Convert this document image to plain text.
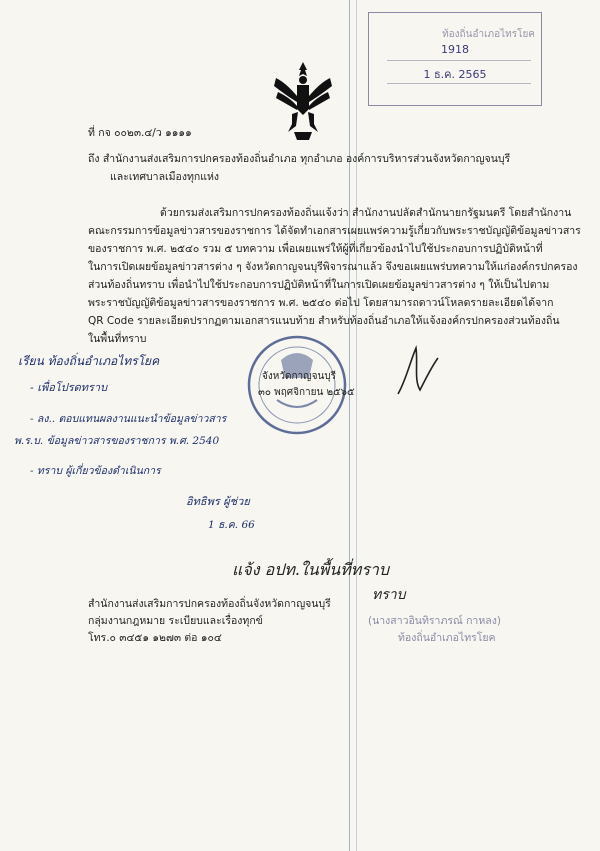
ท้องถิ่นอำเภอไทรโยค
1918
1 ธ.ค. 2565
ที่ กจ ๐๐๒๓.๔/ว ๑๑๑๑
ถึง สำนักงานส่งเสริมการปกครองท้องถิ่นอำเภอ ทุกอำเภอ องค์การบริหารส่วนจังหวัดกาญจนบุรี
และเทศบาลเมืองทุกแห่ง
ด้วยกรมส่งเสริมการปกครองท้องถิ่นแจ้งว่า สำนักงานปลัดสำนักนายกรัฐมนตรี โดยสำนักงาน
คณะกรรมการข้อมูลข่าวสารของราชการ ได้จัดทำเอกสารเผยแพร่ความรู้เกี่ยวกับพระราชบัญญัติข้อมูลข่าวสาร
ของราชการ พ.ศ. ๒๕๔๐ รวม ๕ บทความ เพื่อเผยแพร่ให้ผู้ที่เกี่ยวข้องนำไปใช้ประกอบการปฏิบัติหน้าที่
ในการเปิดเผยข้อมูลข่าวสารต่าง ๆ จังหวัดกาญจนบุรีพิจารณาแล้ว จึงขอเผยแพร่บทความให้แก่องค์กรปกครอง
ส่วนท้องถิ่นทราบ เพื่อนำไปใช้ประกอบการปฏิบัติหน้าที่ในการเปิดเผยข้อมูลข่าวสารต่าง ๆ ให้เป็นไปตาม
พระราชบัญญัติข้อมูลข่าวสารของราชการ พ.ศ. ๒๕๔๐ ต่อไป โดยสามารถดาวน์โหลดรายละเอียดได้จาก
QR Code รายละเอียดปรากฏตามเอกสารแนบท้าย สำหรับท้องถิ่นอำเภอให้แจ้งองค์กรปกครองส่วนท้องถิ่น
ในพื้นที่ทราบ
จังหวัดกาญจนบุรี
๓๐ พฤศจิกายน ๒๕๖๕
เรียน ท้องถิ่นอำเภอไทรโยค
- เพื่อโปรดทราบ
- ลง.. ตอบแทนผลงานแนะนำข้อมูลข่าวสาร
พ.ร.บ. ข้อมูลข่าวสารของราชการ พ.ศ. 2540
- ทราบ ผู้เกี่ยวข้องดำเนินการ
อิทธิพร ผู้ช่วย
1 ธ.ค. 66
แจ้ง อปท.ในพื้นที่ทราบ
ทราบ
สำนักงานส่งเสริมการปกครองท้องถิ่นจังหวัดกาญจนบุรี
กลุ่มงานกฎหมาย ระเบียบและเรื่องทุกข์
โทร.๐ ๓๔๕๑ ๑๒๗๓ ต่อ ๑๐๔
(นางสาวอินทิราภรณ์ กาหลง)
ท้องถิ่นอำเภอไทรโยค
